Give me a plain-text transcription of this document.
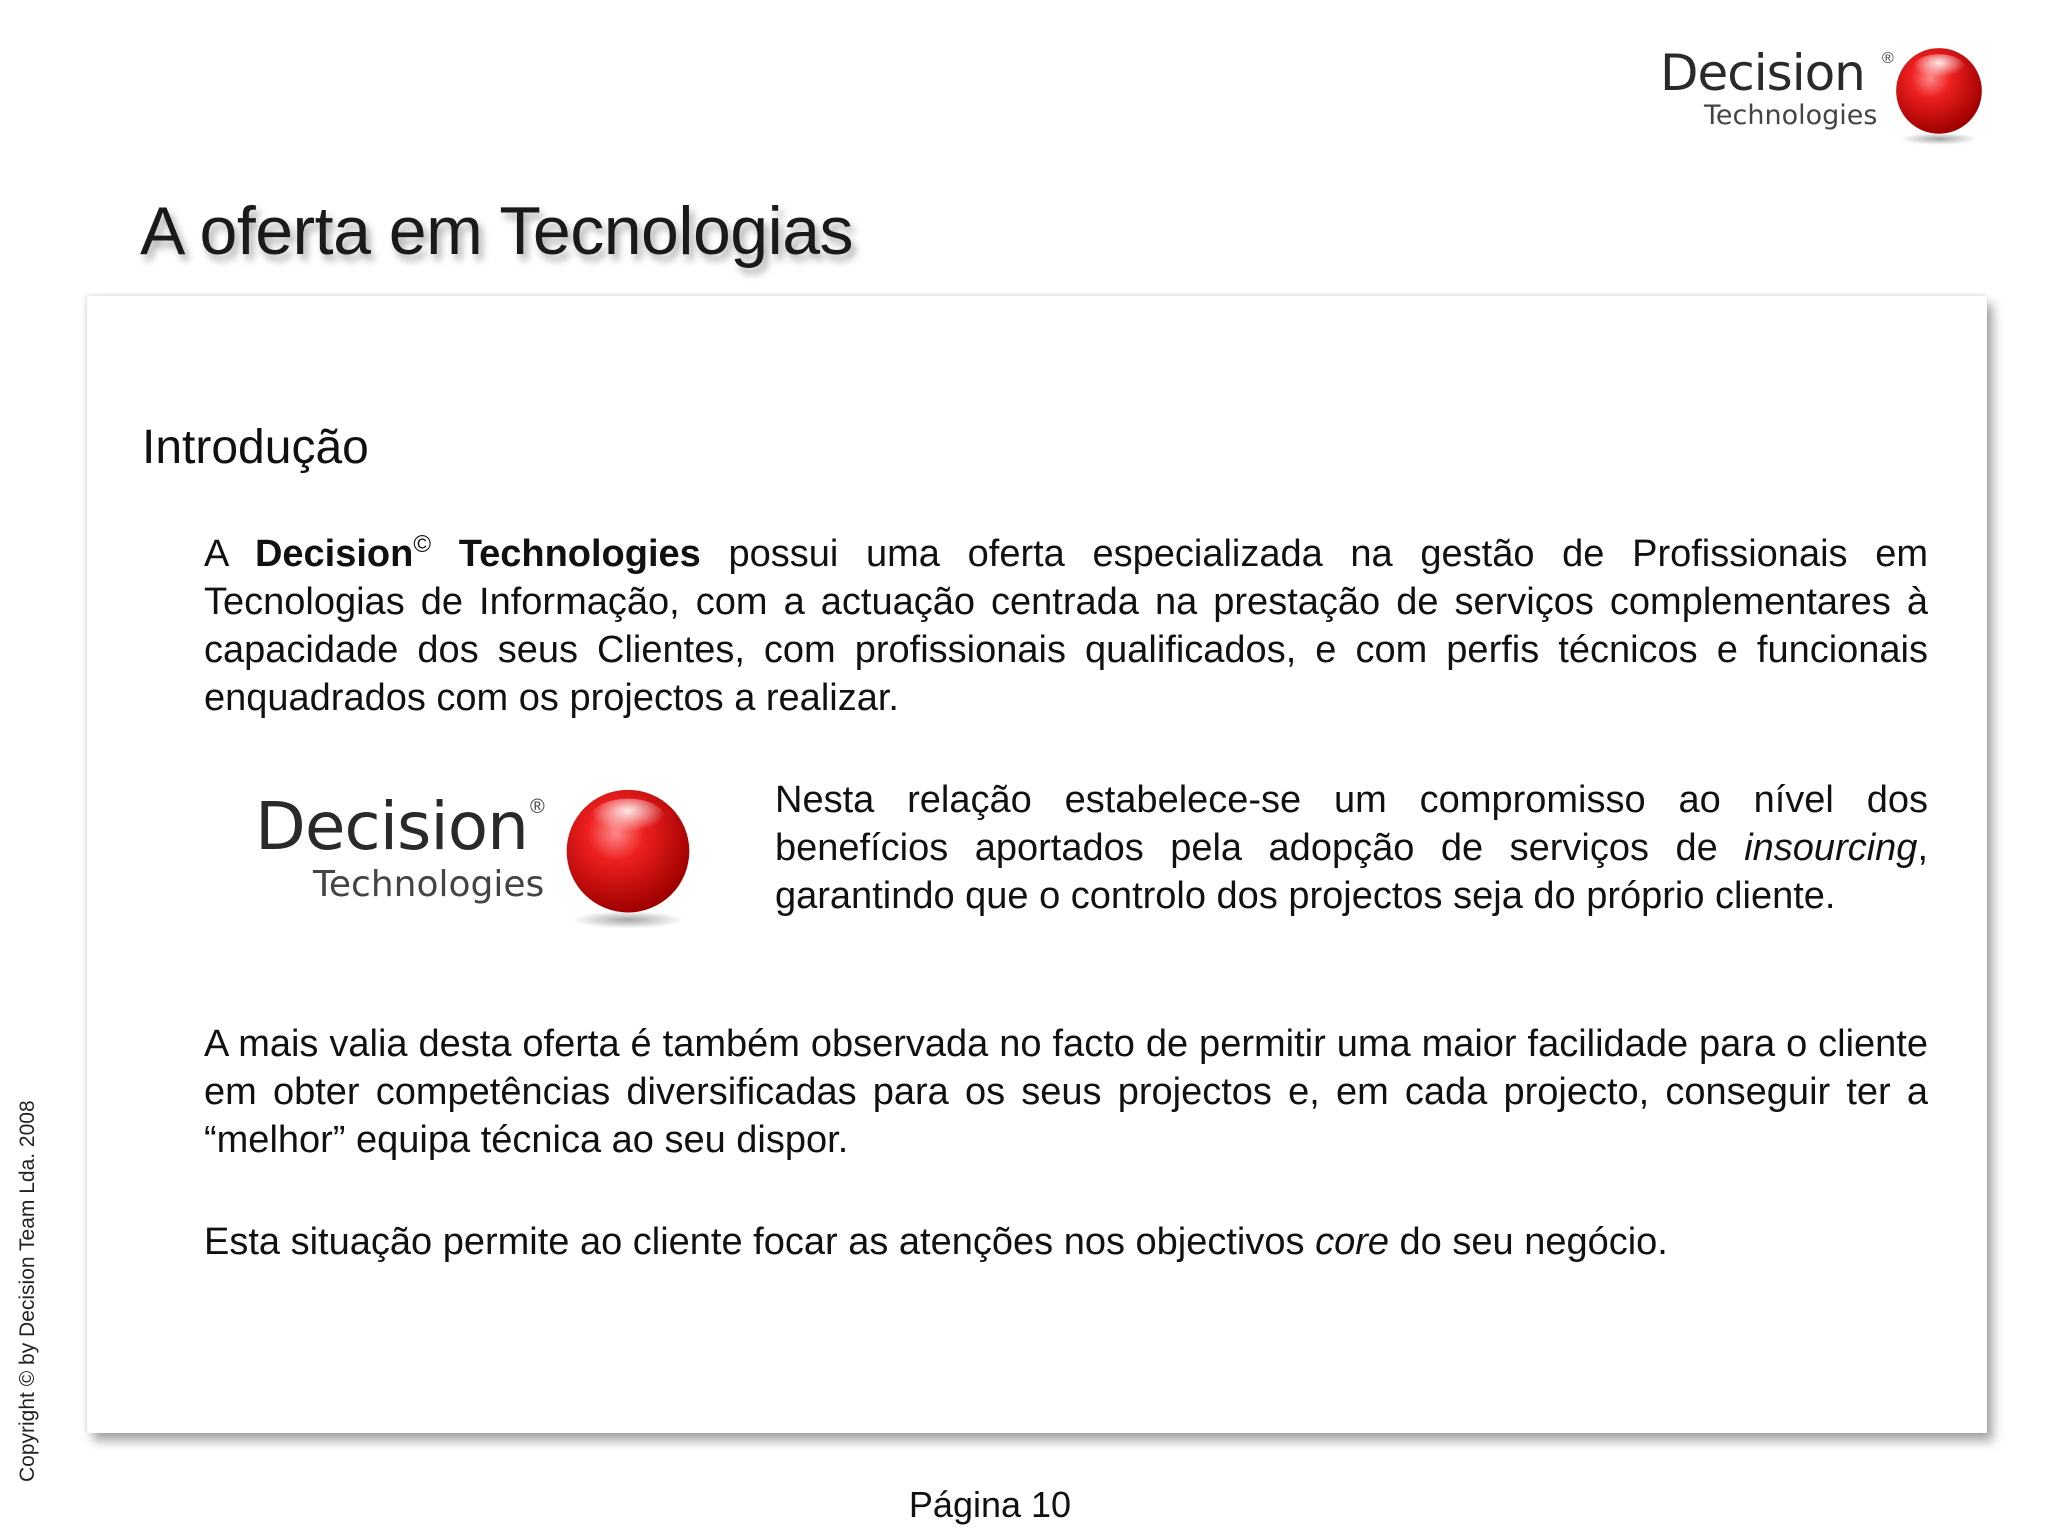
Decision ®
Technologies
A oferta em Tecnologias
Introdução

A Decision© Technologies possui uma oferta especializada na gestão de Profissionais em Tecnologias de Informação, com a actuação centrada na prestação de serviços complementares à capacidade dos seus Clientes, com profissionais qualificados, e com perfis técnicos e funcionais enquadrados com os projectos a realizar.

Decision ®
Technologies

Nesta relação estabelece-se um compromisso ao nível dos benefícios aportados pela adopção de serviços de insourcing, garantindo que o controlo dos projectos seja do próprio cliente.

A mais valia desta oferta é também observada no facto de permitir uma maior facilidade para o cliente em obter competências diversificadas para os seus projectos e, em cada projecto, conseguir ter a “melhor” equipa técnica ao seu dispor.

Esta situação permite ao cliente focar as atenções nos objectivos core do seu negócio.

Copyright © by Decision Team Lda. 2008
Página 10
